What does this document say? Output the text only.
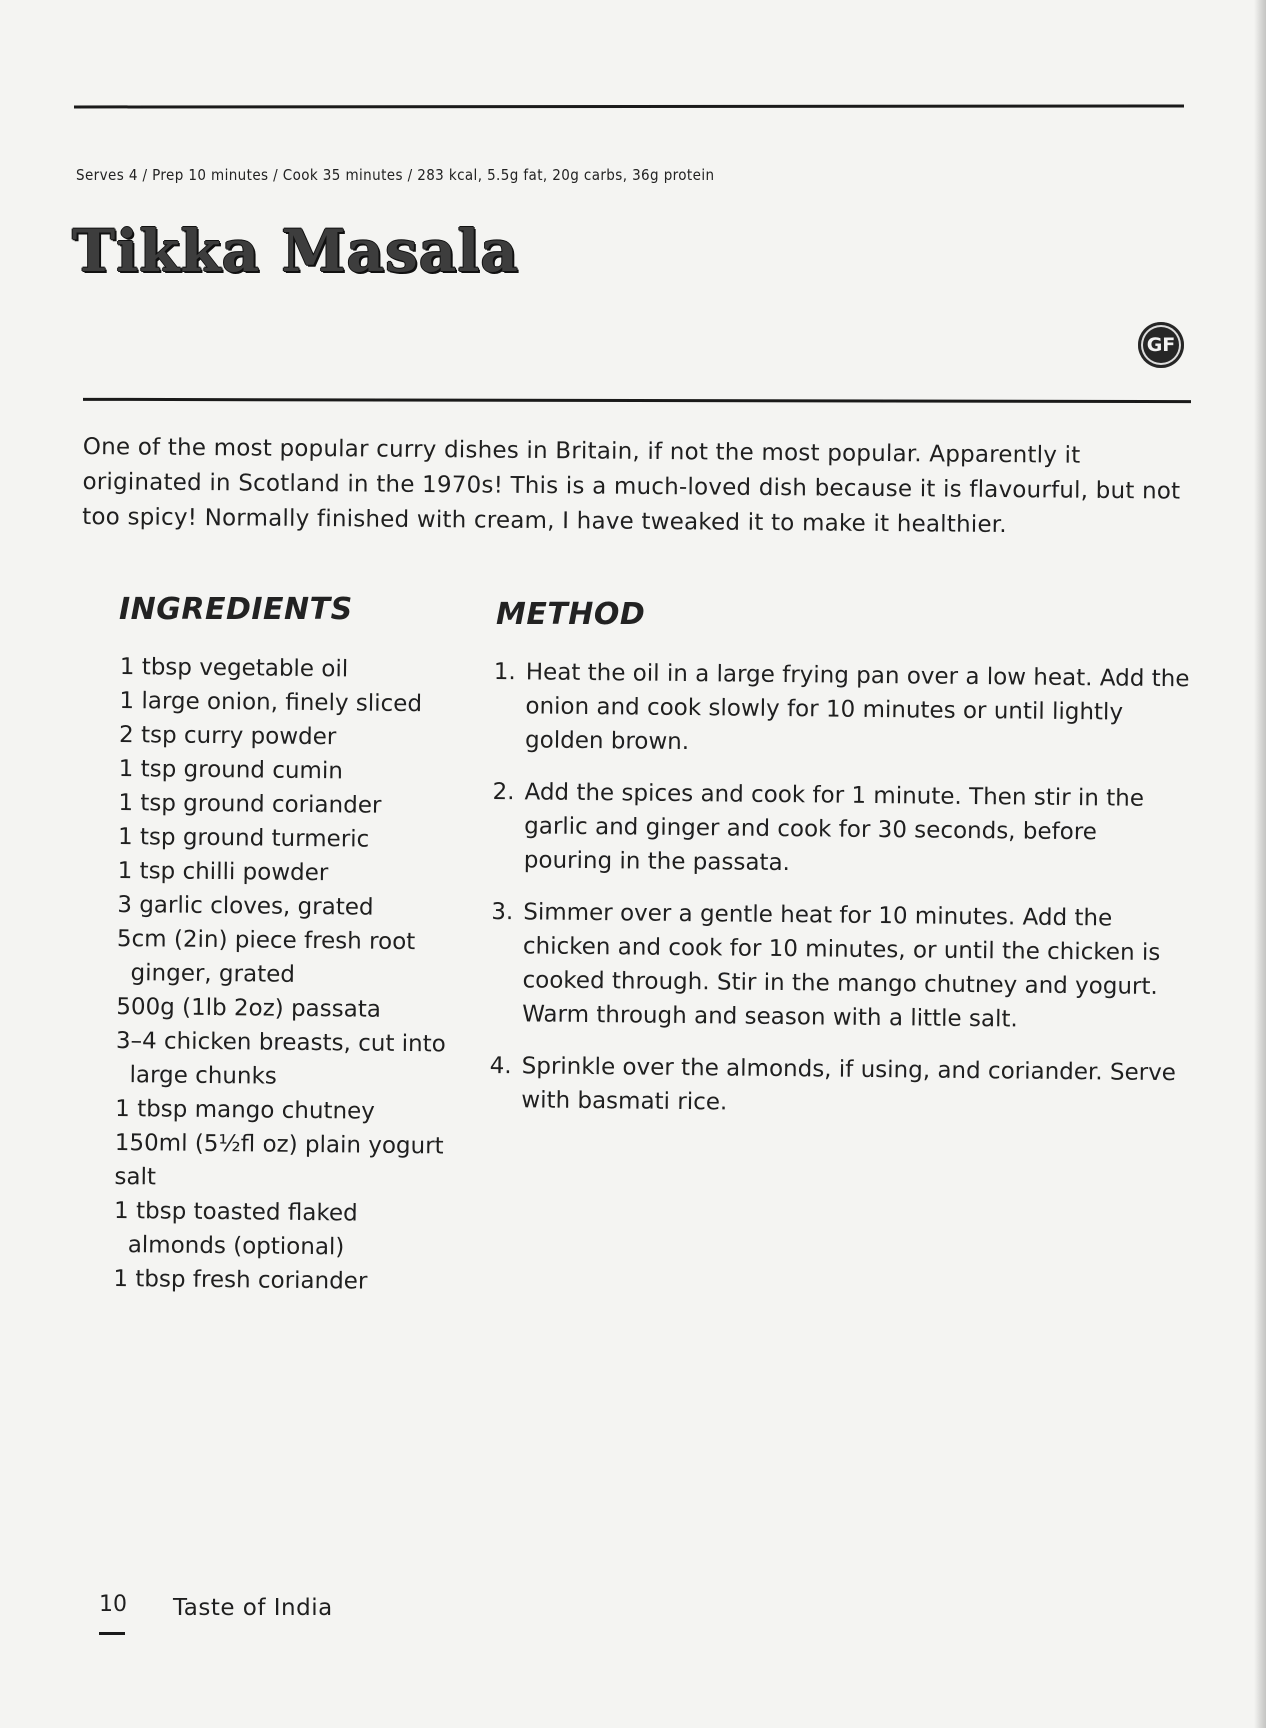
Serves 4 / Prep 10 minutes / Cook 35 minutes / 283 kcal, 5.5g fat, 20g carbs, 36g protein
Tikka Masala
GF

One of the most popular curry dishes in Britain, if not the most popular. Apparently it originated in Scotland in the 1970s! This is a much-loved dish because it is flavourful, but not too spicy! Normally finished with cream, I have tweaked it to make it healthier.

INGREDIENTS
1 tbsp vegetable oil
1 large onion, finely sliced
2 tsp curry powder
1 tsp ground cumin
1 tsp ground coriander
1 tsp ground turmeric
1 tsp chilli powder
3 garlic cloves, grated
5cm (2in) piece fresh root ginger, grated
500g (1lb 2oz) passata
3–4 chicken breasts, cut into large chunks
1 tbsp mango chutney
150ml (5½fl oz) plain yogurt
salt
1 tbsp toasted flaked almonds (optional)
1 tbsp fresh coriander
METHOD
1. Heat the oil in a large frying pan over a low heat. Add the onion and cook slowly for 10 minutes or until lightly golden brown.
2. Add the spices and cook for 1 minute. Then stir in the garlic and ginger and cook for 30 seconds, before pouring in the passata.
3. Simmer over a gentle heat for 10 minutes. Add the chicken and cook for 10 minutes, or until the chicken is cooked through. Stir in the mango chutney and yogurt. Warm through and season with a little salt.
4. Sprinkle over the almonds, if using, and coriander. Serve with basmati rice.
10 Taste of India
